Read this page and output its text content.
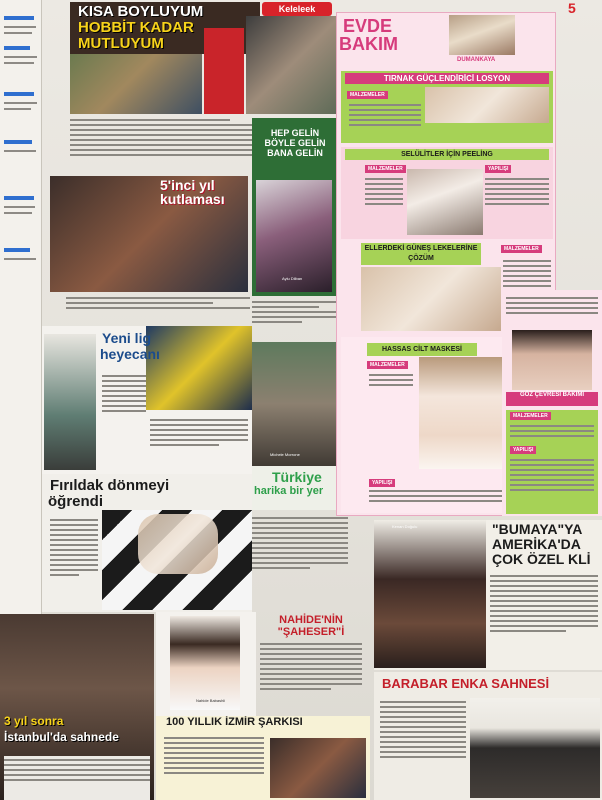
Keleleek	5
KISA BOYLUYUM
HOBBİT KADAR
MUTLUYUM
5'inci yıl kutlaması
HEP GELİN BÖYLE GELİN BANA GELİN
Aylu Dilban
Yeni lig
heyecanı
Fırıldak dönmeyi
öğrendi
3 yıl sonra
İstanbul'da sahnede
Michele Morrone
Türkiye
harika bir yer
Nahide Babashli
NAHİDE'NİN
"ŞAHESER"İ
100 YILLIK İZMİR ŞARKISI
EVDE
BAKIM
DUMANKAYA
TIRNAK GÜÇLENDİRİCİ LOSYON
MALZEMELER
SELÜLİTLER İÇİN PEELİNG
MALZEMELER	YAPILIŞI
ELLERDEKİ GÜNEŞ LEKELERİNE ÇÖZÜM
MALZEMELER
HASSAS CİLT MASKESİ
MALZEMELER
YAPILIŞI
GÖZ ÇEVRESİ BAKIMI
MALZEMELER
YAPILIŞI
Kenan Doğulu	"BUMAYA"YA
AMERİKA'DA
ÇOK ÖZEL KLİ
BARABAR ENKA SAHNESİ
